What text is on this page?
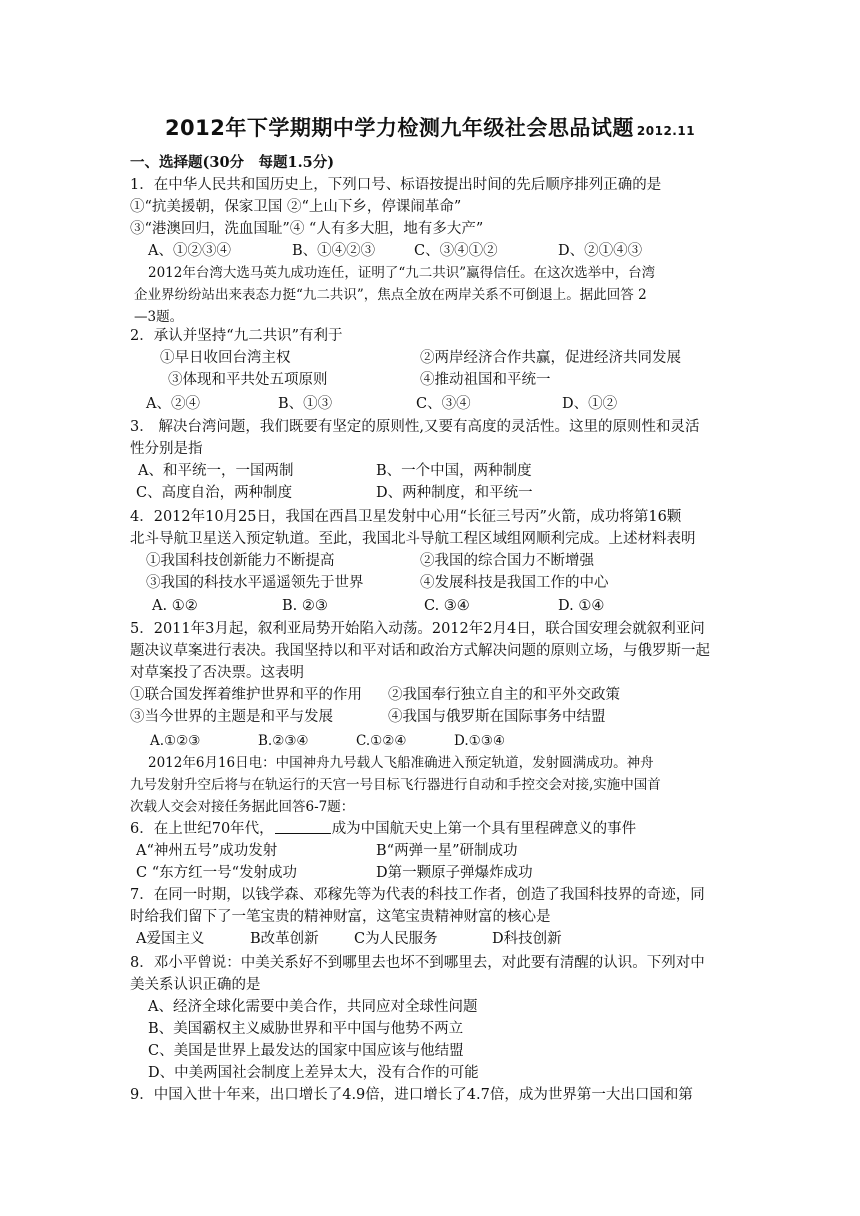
2012年下学期期中学力检测九年级社会思品试题 2012.11
一、选择题(30分　每题1.5分)
1．在中华人民共和国历史上，下列口号、标语按提出时间的先后顺序排列正确的是
①“抗美援朝，保家卫国 ②“上山下乡，停课闹革命”
③“港澳回归，洗血国耻”④ “人有多大胆，地有多大产”
A、①②③④	B、①④②③	C、③④①②	D、②①④③
2012年台湾大选马英九成功连任，证明了“九二共识”赢得信任。在这次选举中，台湾
企业界纷纷站出来表态力挺“九二共识”，焦点全放在两岸关系不可倒退上。据此回答 2
—3题。
2．承认并坚持“九二共识”有利于
①早日收回台湾主权	②两岸经济合作共赢，促进经济共同发展
③体现和平共处五项原则	④推动祖国和平统一
A、②④	B、①③	C、③④	D、①②
3． 解决台湾问题，我们既要有坚定的原则性,又要有高度的灵活性。这里的原则性和灵活
性分别是指
A、和平统一，一国两制	B、一个中国，两种制度
C、高度自治，两种制度	D、两种制度，和平统一
4．2012年10月25日，我国在西昌卫星发射中心用“长征三号丙”火箭，成功将第16颗
北斗导航卫星送入预定轨道。至此，我国北斗导航工程区域组网顺利完成。上述材料表明
①我国科技创新能力不断提高	②我国的综合国力不断增强
③我国的科技水平遥遥领先于世界	④发展科技是我国工作的中心
A. ①②	B. ②③	C. ③④	D. ①④
5．2011年3月起，叙利亚局势开始陷入动荡。2012年2月4日，联合国安理会就叙利亚问
题决议草案进行表决。我国坚持以和平对话和政治方式解决问题的原则立场，与俄罗斯一起
对草案投了否决票。这表明
①联合国发挥着维护世界和平的作用 ②我国奉行独立自主的和平外交政策
③当今世界的主题是和平与发展	④我国与俄罗斯在国际事务中结盟
A.①②③	B.②③④	C.①②④	D.①③④
2012年6月16日电：中国神舟九号载人飞船准确进入预定轨道，发射圆满成功。神舟
九号发射升空后将与在轨运行的天宫一号目标飞行器进行自动和手控交会对接,实施中国首
次载人交会对接任务据此回答6-7题：
6．在上世纪70年代，	成为中国航天史上第一个具有里程碑意义的事件
A“神州五号”成功发射	B“两弹一星”研制成功
C “东方红一号“发射成功	D第一颗原子弹爆炸成功
7．在同一时期，以钱学森、邓稼先等为代表的科技工作者，创造了我国科技界的奇迹，同
时给我们留下了一笔宝贵的精神财富，这笔宝贵精神财富的核心是
A爱国主义	B改革创新 C为人民服务	D科技创新
8．邓小平曾说：中美关系好不到哪里去也坏不到哪里去，对此要有清醒的认识。下列对中
美关系认识正确的是
A、经济全球化需要中美合作，共同应对全球性问题
B、美国霸权主义威胁世界和平中国与他势不两立
C、美国是世界上最发达的国家中国应该与他结盟
D、中美两国社会制度上差异太大，没有合作的可能
9．中国入世十年来，出口增长了4.9倍，进口增长了4.7倍，成为世界第一大出口国和第
